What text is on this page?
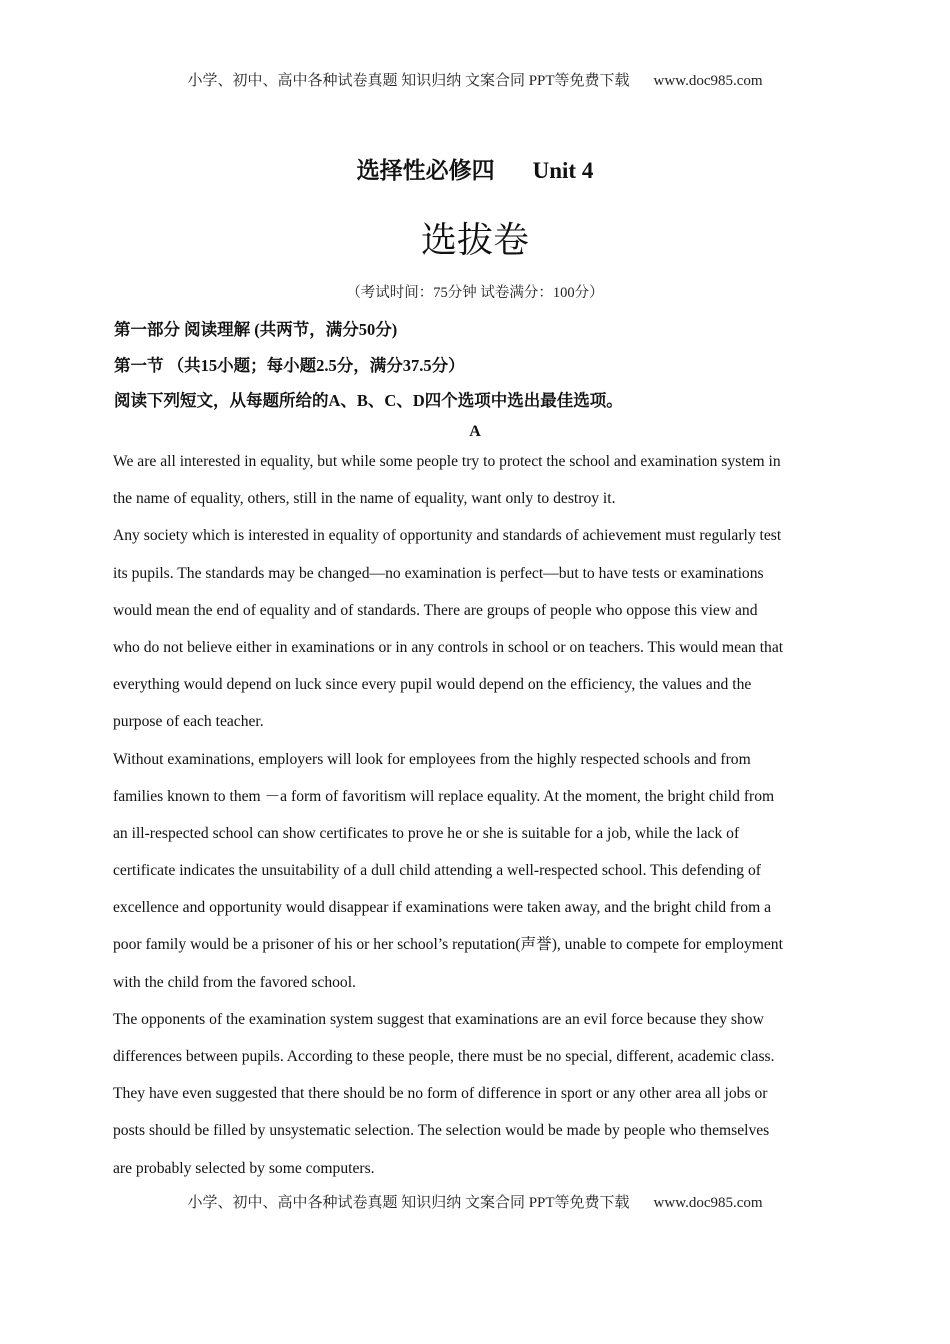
小学、初中、高中各种试卷真题 知识归纳 文案合同 PPT等免费下载 www.doc985.com
选择性必修四 Unit 4
选拔卷
（考试时间：75分钟 试卷满分：100分）
第一部分 阅读理解 (共两节，满分50分)
第一节 （共15小题；每小题2.5分，满分37.5分）
阅读下列短文，从每题所给的A、B、C、D四个选项中选出最佳选项。
A
We are all interested in equality, but while some people try to protect the school and examination system in
the name of equality, others, still in the name of equality, want only to destroy it.
Any society which is interested in equality of opportunity and standards of achievement must regularly test
its pupils. The standards may be changed—no examination is perfect—but to have tests or examinations
would mean the end of equality and of standards. There are groups of people who oppose this view and
who do not believe either in examinations or in any controls in school or on teachers. This would mean that
everything would depend on luck since every pupil would depend on the efficiency, the values and the
purpose of each teacher.
Without examinations, employers will look for employees from the highly respected schools and from
families known to them －a form of favoritism will replace equality. At the moment, the bright child from
an ill-respected school can show certificates to prove he or she is suitable for a job, while the lack of
certificate indicates the unsuitability of a dull child attending a well-respected school. This defending of
excellence and opportunity would disappear if examinations were taken away, and the bright child from a
poor family would be a prisoner of his or her school’s reputation(声誉), unable to compete for employment
with the child from the favored school.
The opponents of the examination system suggest that examinations are an evil force because they show
differences between pupils. According to these people, there must be no special, different, academic class.
They have even suggested that there should be no form of difference in sport or any other area all jobs or
posts should be filled by unsystematic selection. The selection would be made by people who themselves
are probably selected by some computers.
小学、初中、高中各种试卷真题 知识归纳 文案合同 PPT等免费下载 www.doc985.com
